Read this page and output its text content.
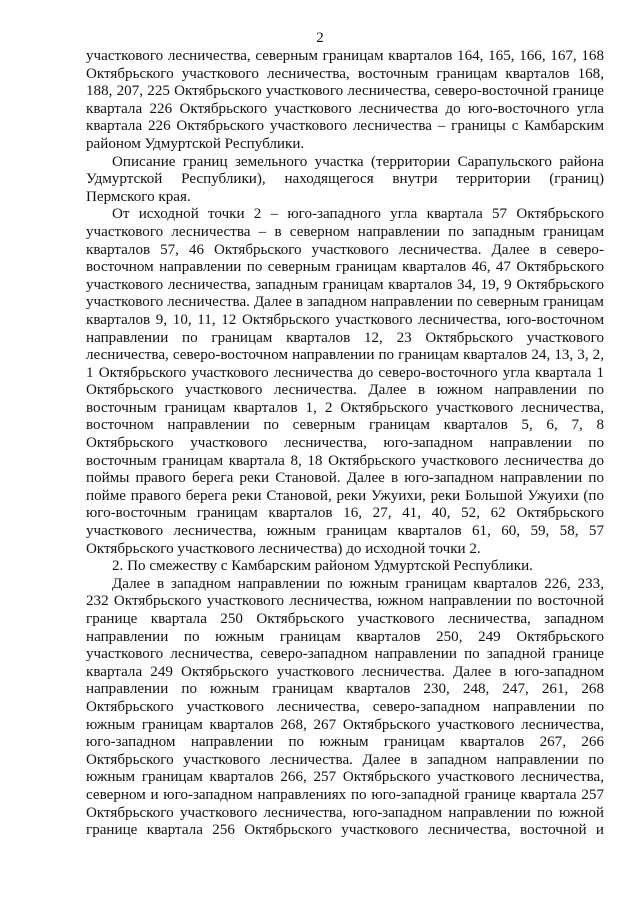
2
участкового лесничества, северным границам кварталов 164, 165, 166, 167, 168
Октябрьского участкового лесничества, восточным границам кварталов 168,
188, 207, 225 Октябрьского участкового лесничества, северо-восточной границе
квартала 226 Октябрьского участкового лесничества до юго-восточного угла
квартала 226 Октябрьского участкового лесничества – границы с Камбарским
районом Удмуртской Республики.
Описание границ земельного участка (территории Сарапульского района
Удмуртской Республики), находящегося внутри территории (границ)
Пермского края.
От исходной точки 2 – юго-западного угла квартала 57 Октябрьского
участкового лесничества – в северном направлении по западным границам
кварталов 57, 46 Октябрьского участкового лесничества. Далее в северо-
восточном направлении по северным границам кварталов 46, 47 Октябрьского
участкового лесничества, западным границам кварталов 34, 19, 9 Октябрьского
участкового лесничества. Далее в западном направлении по северным границам
кварталов 9, 10, 11, 12 Октябрьского участкового лесничества, юго-восточном
направлении по границам кварталов 12, 23 Октябрьского участкового
лесничества, северо-восточном направлении по границам кварталов 24, 13, 3, 2,
1 Октябрьского участкового лесничества до северо-восточного угла квартала 1
Октябрьского участкового лесничества. Далее в южном направлении по
восточным границам кварталов 1, 2 Октябрьского участкового лесничества,
восточном направлении по северным границам кварталов 5, 6, 7, 8
Октябрьского участкового лесничества, юго-западном направлении по
восточным границам квартала 8, 18 Октябрьского участкового лесничества до
поймы правого берега реки Становой. Далее в юго-западном направлении по
пойме правого берега реки Становой, реки Ужуихи, реки Большой Ужуихи (по
юго-восточным границам кварталов 16, 27, 41, 40, 52, 62 Октябрьского
участкового лесничества, южным границам кварталов 61, 60, 59, 58, 57
Октябрьского участкового лесничества) до исходной точки 2.
2. По смежеству с Камбарским районом Удмуртской Республики.
Далее в западном направлении по южным границам кварталов 226, 233,
232 Октябрьского участкового лесничества, южном направлении по восточной
границе квартала 250 Октябрьского участкового лесничества, западном
направлении по южным границам кварталов 250, 249 Октябрьского
участкового лесничества, северо-западном направлении по западной границе
квартала 249 Октябрьского участкового лесничества. Далее в юго-западном
направлении по южным границам кварталов 230, 248, 247, 261, 268
Октябрьского участкового лесничества, северо-западном направлении по
южным границам кварталов 268, 267 Октябрьского участкового лесничества,
юго-западном направлении по южным границам кварталов 267, 266
Октябрьского участкового лесничества. Далее в западном направлении по
южным границам кварталов 266, 257 Октябрьского участкового лесничества,
северном и юго-западном направлениях по юго-западной границе квартала 257
Октябрьского участкового лесничества, юго-западном направлении по южной
границе квартала 256 Октябрьского участкового лесничества, восточной и
